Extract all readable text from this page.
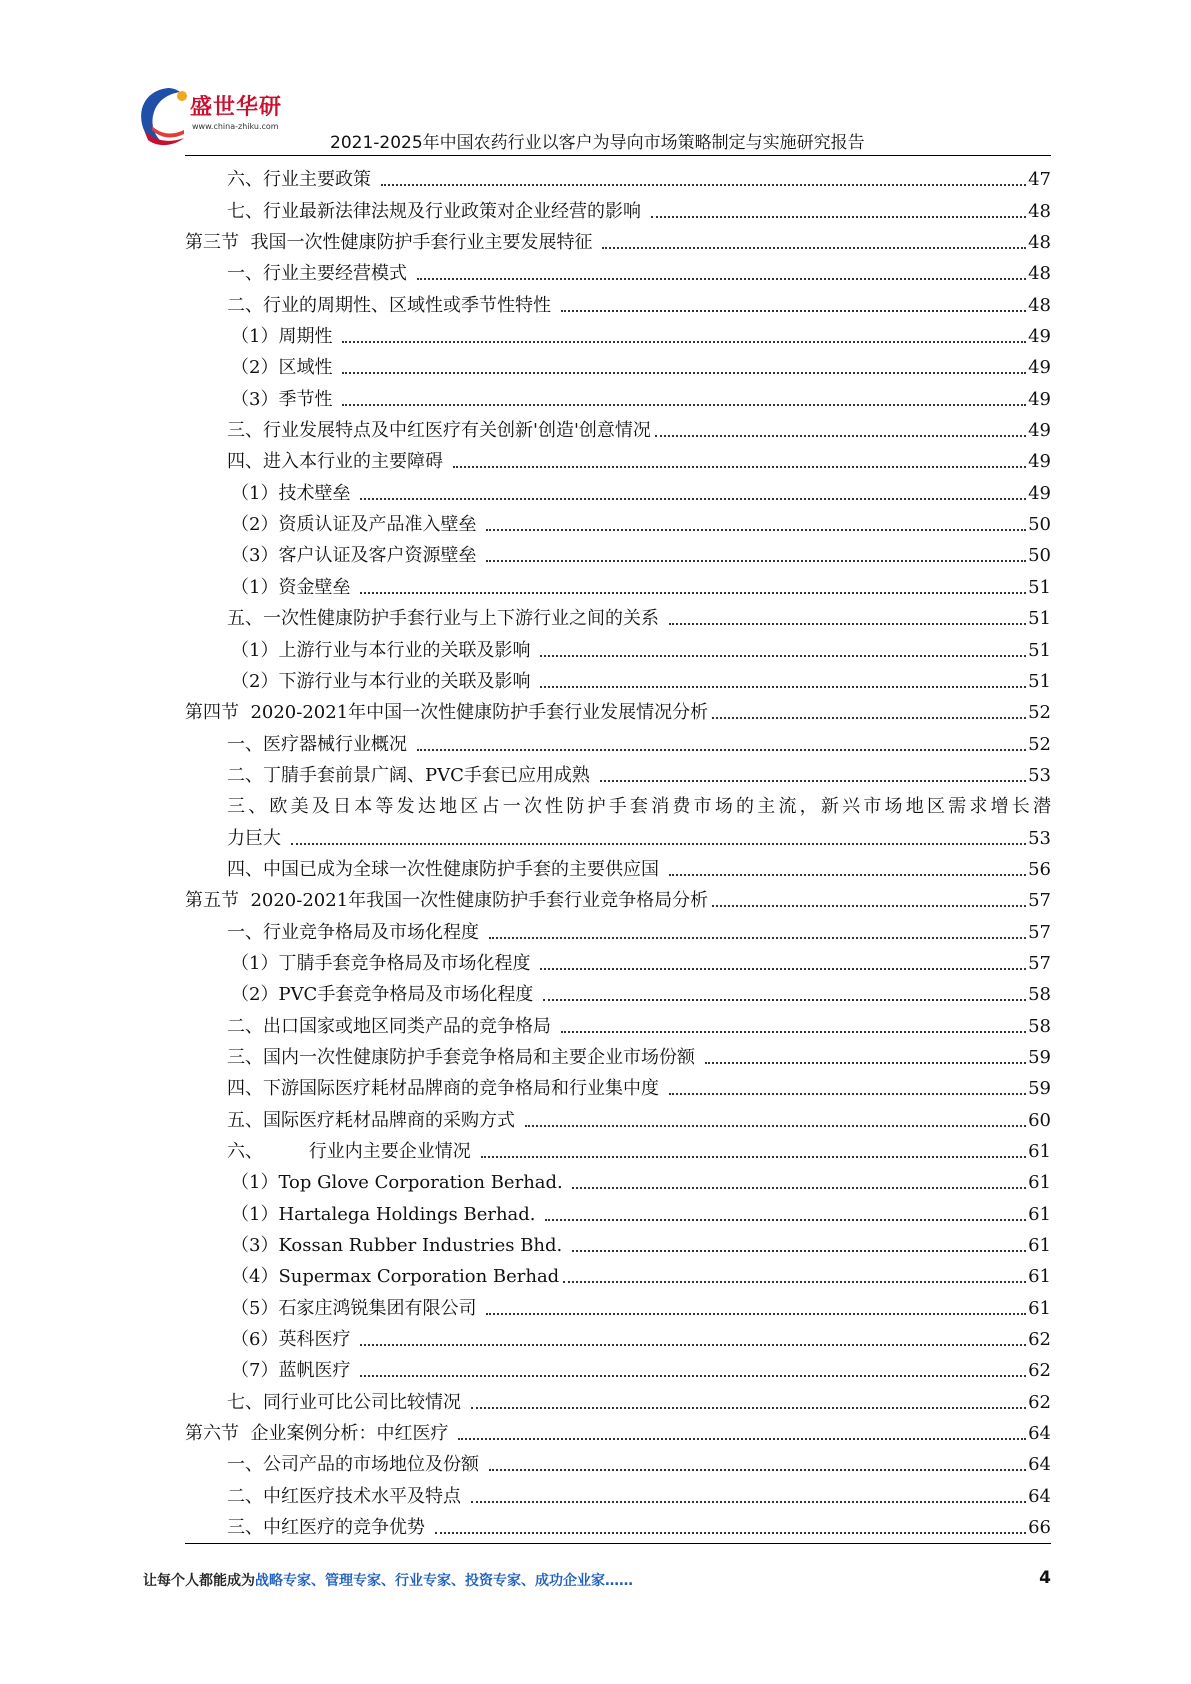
盛世华研
www.china-zhiku.com
2021-2025年中国农药行业以客户为导向市场策略制定与实施研究报告
六、行业主要政策	47
七、行业最新法律法规及行业政策对企业经营的影响	48
第三节  我国一次性健康防护手套行业主要发展特征	48
一、行业主要经营模式	48
二、行业的周期性、区域性或季节性特性	48
（1）周期性	49
（2）区域性	49
（3）季节性	49
三、行业发展特点及中红医疗有关创新'创造'创意情况	49
四、进入本行业的主要障碍	49
（1）技术壁垒	49
（2）资质认证及产品准入壁垒	50
（3）客户认证及客户资源壁垒	50
（1）资金壁垒	51
五、一次性健康防护手套行业与上下游行业之间的关系	51
（1）上游行业与本行业的关联及影响	51
（2）下游行业与本行业的关联及影响	51
第四节  2020-2021年中国一次性健康防护手套行业发展情况分析	52
一、医疗器械行业概况	52
二、丁腈手套前景广阔、PVC手套已应用成熟	53
三、欧美及日本等发达地区占一次性防护手套消费市场的主流，新兴市场地区需求增长潜
力巨大	53
四、中国已成为全球一次性健康防护手套的主要供应国	56
第五节  2020-2021年我国一次性健康防护手套行业竞争格局分析	57
一、行业竞争格局及市场化程度	57
（1）丁腈手套竞争格局及市场化程度	57
（2）PVC手套竞争格局及市场化程度	58
二、出口国家或地区同类产品的竞争格局	58
三、国内一次性健康防护手套竞争格局和主要企业市场份额	59
四、下游国际医疗耗材品牌商的竞争格局和行业集中度	59
五、国际医疗耗材品牌商的采购方式	60
六、        行业内主要企业情况	61
（1）Top Glove Corporation Berhad.	61
（1）Hartalega Holdings Berhad.	61
（3）Kossan Rubber Industries Bhd.	61
（4）Supermax Corporation Berhad	61
（5）石家庄鸿锐集团有限公司	61
（6）英科医疗	62
（7）蓝帆医疗	62
七、同行业可比公司比较情况	62
第六节  企业案例分析：中红医疗	64
一、公司产品的市场地位及份额	64
二、中红医疗技术水平及特点	64
三、中红医疗的竞争优势	66
让每个人都能成为战略专家、管理专家、行业专家、投资专家、成功企业家……	4
